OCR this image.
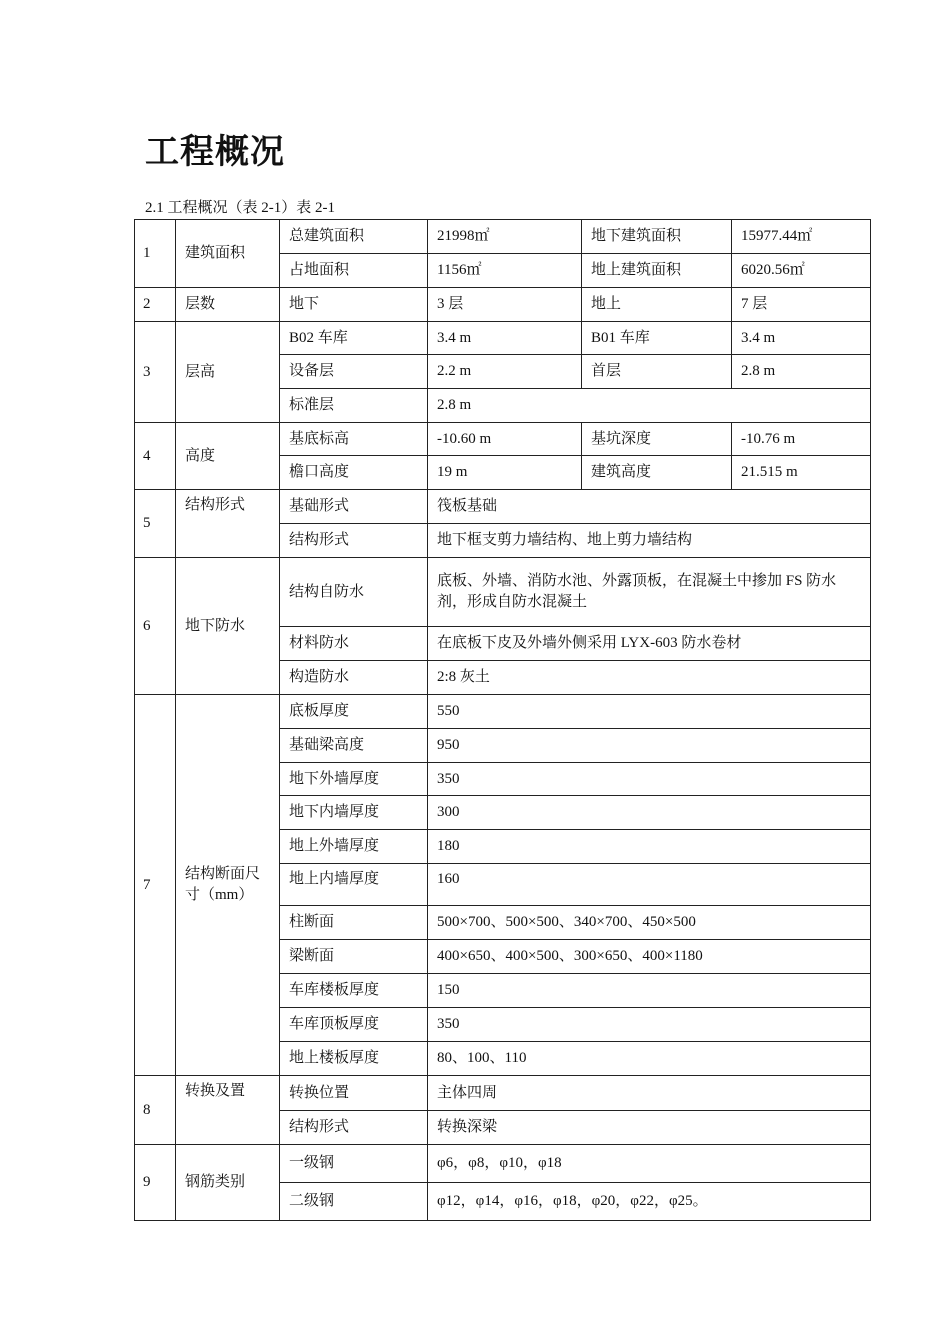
工程概况
2.1 工程概况（表 2-1）表 2-1
1	建筑面积	总建筑面积	21998㎡	地下建筑面积	15977.44㎡
		占地面积	1156㎡	地上建筑面积	6020.56㎡
2	层数	地下	3 层	地上	7 层
3	层高	B02 车库	3.4 m	B01 车库	3.4 m
		设备层	2.2 m	首层	2.8 m
		标准层	2.8 m		
4	高度	基底标高	-10.60 m	基坑深度	-10.76 m
		檐口高度	19 m	建筑高度	21.515 m
5	结构形式	基础形式	筏板基础		
		结构形式	地下框支剪力墙结构、地上剪力墙结构		
6	地下防水	结构自防水	底板、外墙、消防水池、外露顶板，在混凝土中掺加 FS 防水剂，形成自防水混凝土		
		材料防水	在底板下皮及外墙外侧采用 LYX-603 防水卷材		
		构造防水	2:8 灰土		
7	结构断面尺寸（mm）	底板厚度	550		
		基础梁高度	950		
		地下外墙厚度	350		
		地下内墙厚度	300		
		地上外墙厚度	180		
		地上内墙厚度	160		
		柱断面	500×700、500×500、340×700、450×500		
		梁断面	400×650、400×500、300×650、400×1180		
		车库楼板厚度	150		
		车库顶板厚度	350		
		地上楼板厚度	80、100、110		
8	转换及置	转换位置	主体四周		
		结构形式	转换深梁		
9	钢筋类别	一级钢	φ6，φ8，φ10，φ18		
		二级钢	φ12，φ14，φ16，φ18，φ20，φ22，φ25。		
